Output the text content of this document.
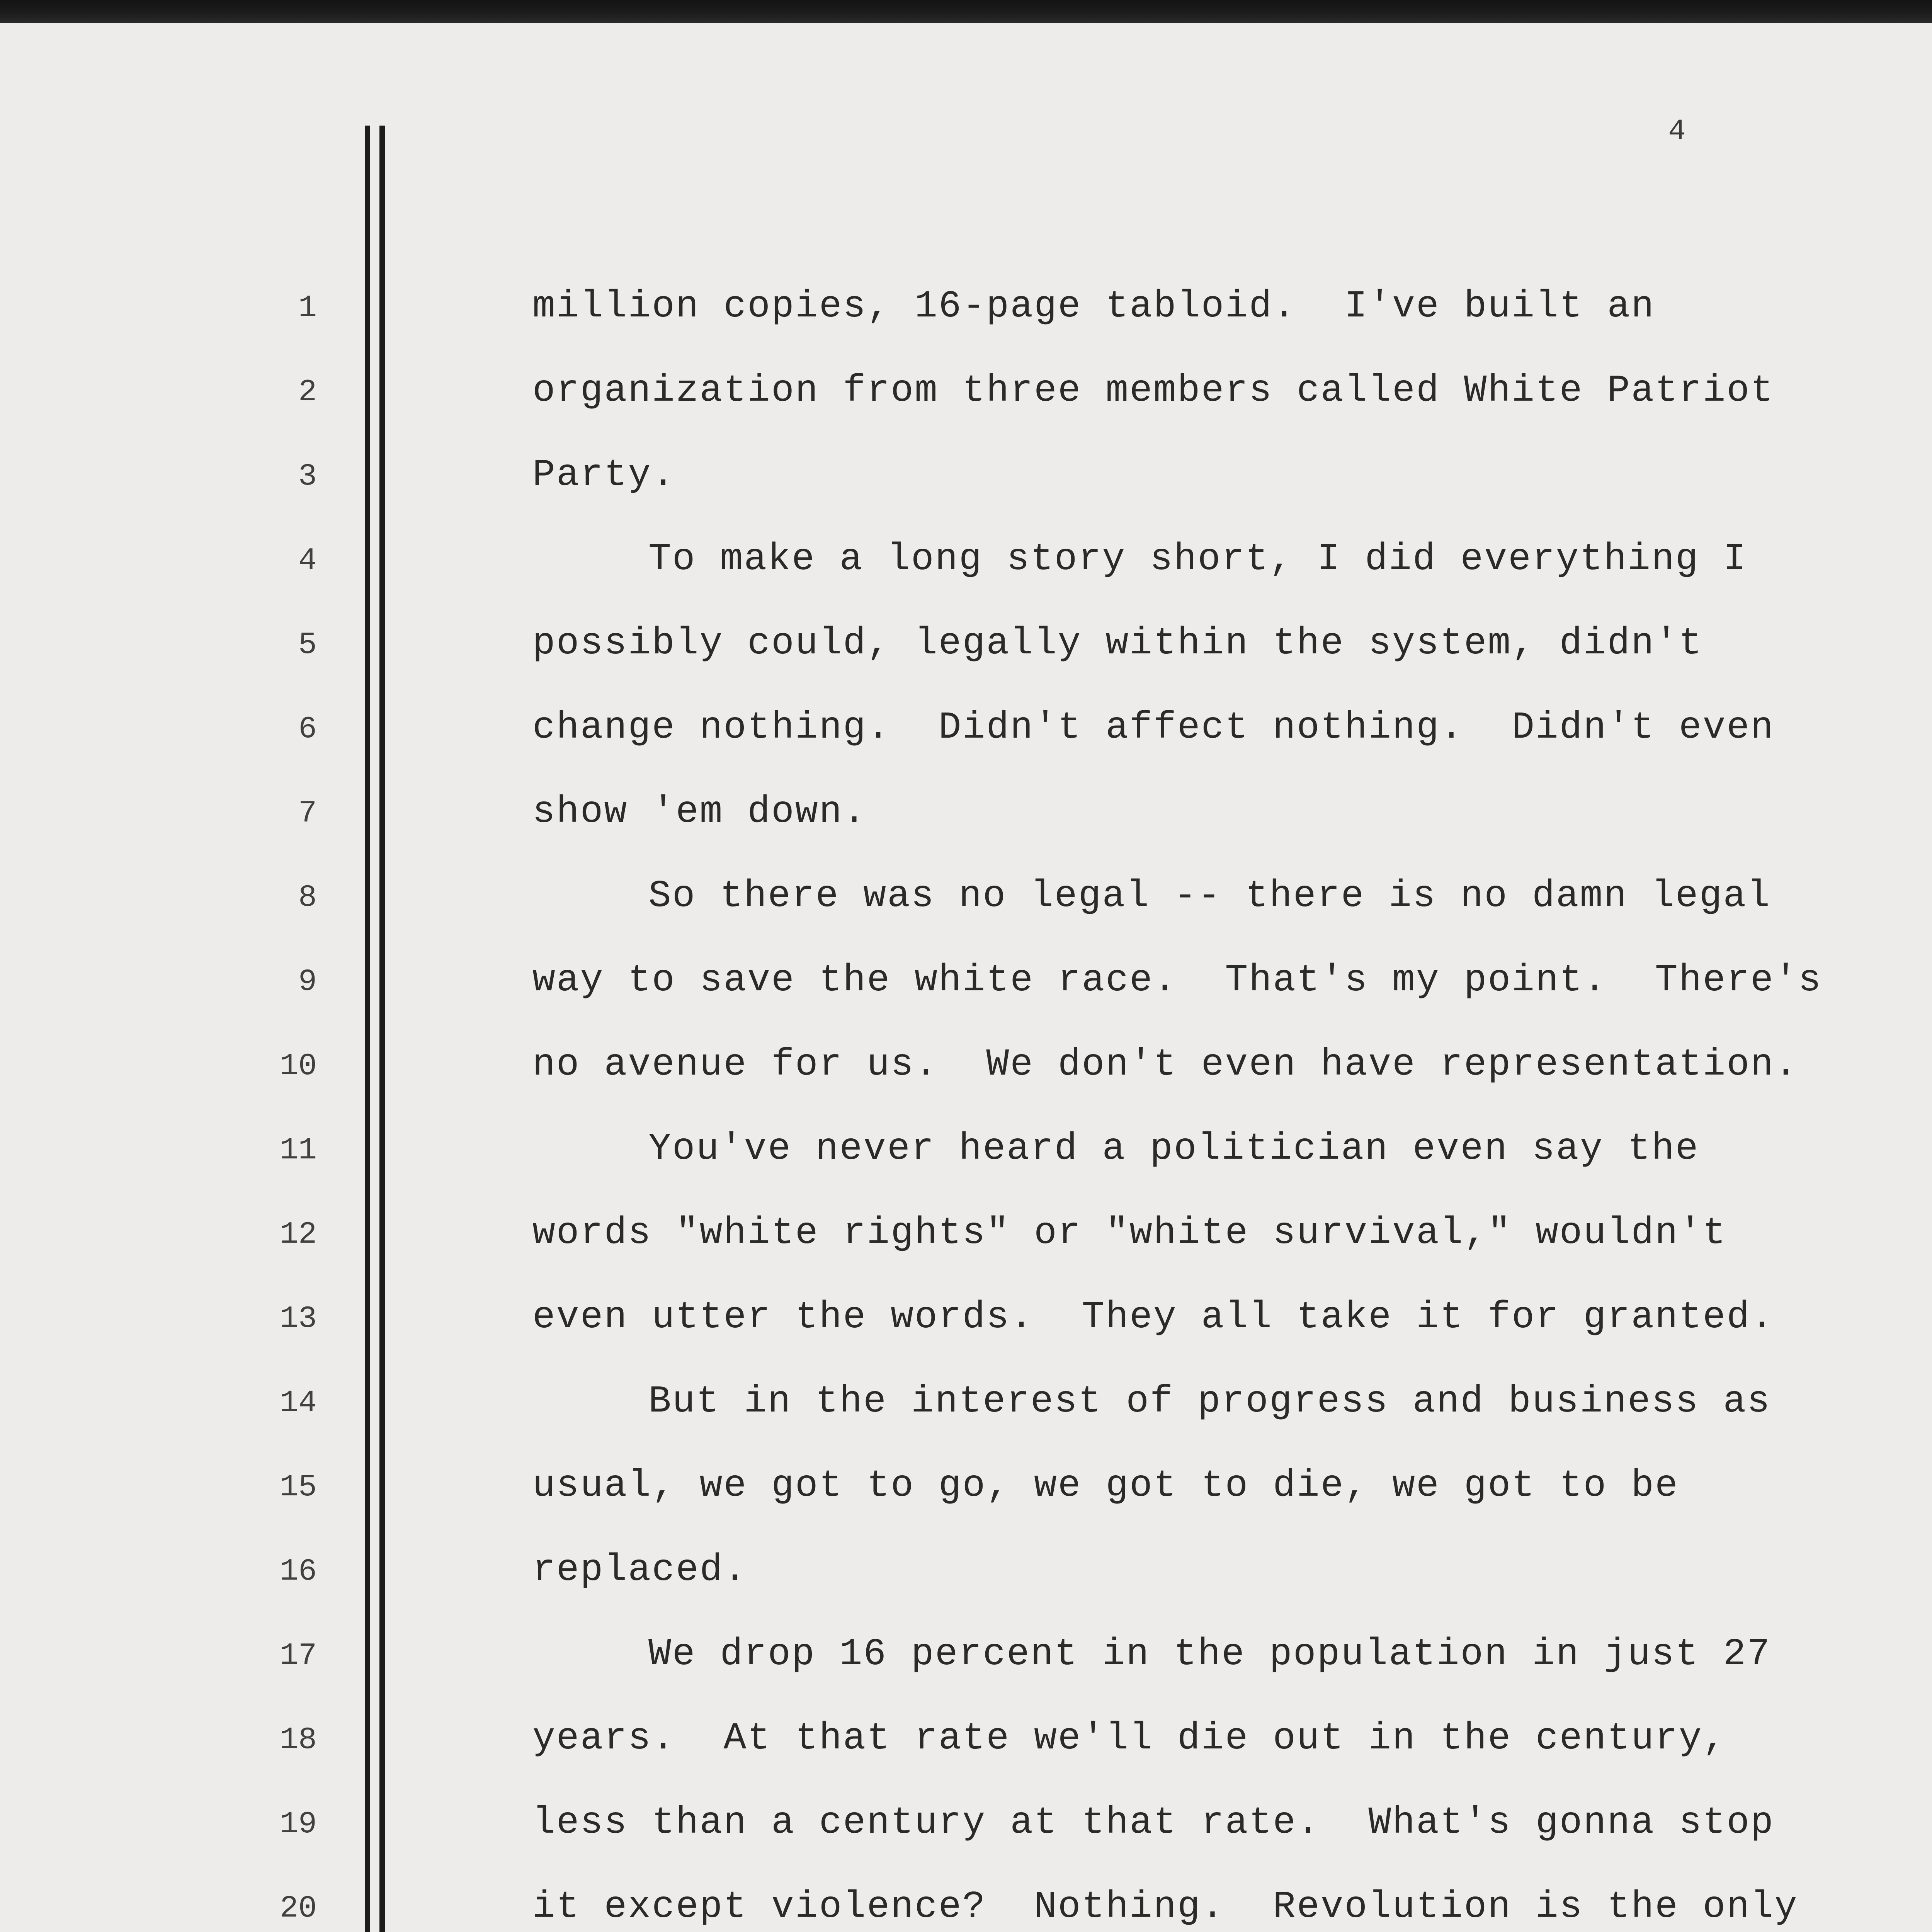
4
1	million copies, 16-page tabloid.  I've built an
2	organization from three members called White Patriot
3	Party.
4	To make a long story short, I did everything I
5	possibly could, legally within the system, didn't
6	change nothing.  Didn't affect nothing.  Didn't even
7	show 'em down.
8	So there was no legal -- there is no damn legal
9	way to save the white race.  That's my point.  There's
10	no avenue for us.  We don't even have representation.
11	You've never heard a politician even say the
12	words "white rights" or "white survival," wouldn't
13	even utter the words.  They all take it for granted.
14	But in the interest of progress and business as
15	usual, we got to go, we got to die, we got to be
16	replaced.
17	We drop 16 percent in the population in just 27
18	years.  At that rate we'll die out in the century,
19	less than a century at that rate.  What's gonna stop
20	it except violence?  Nothing.  Revolution is the only
